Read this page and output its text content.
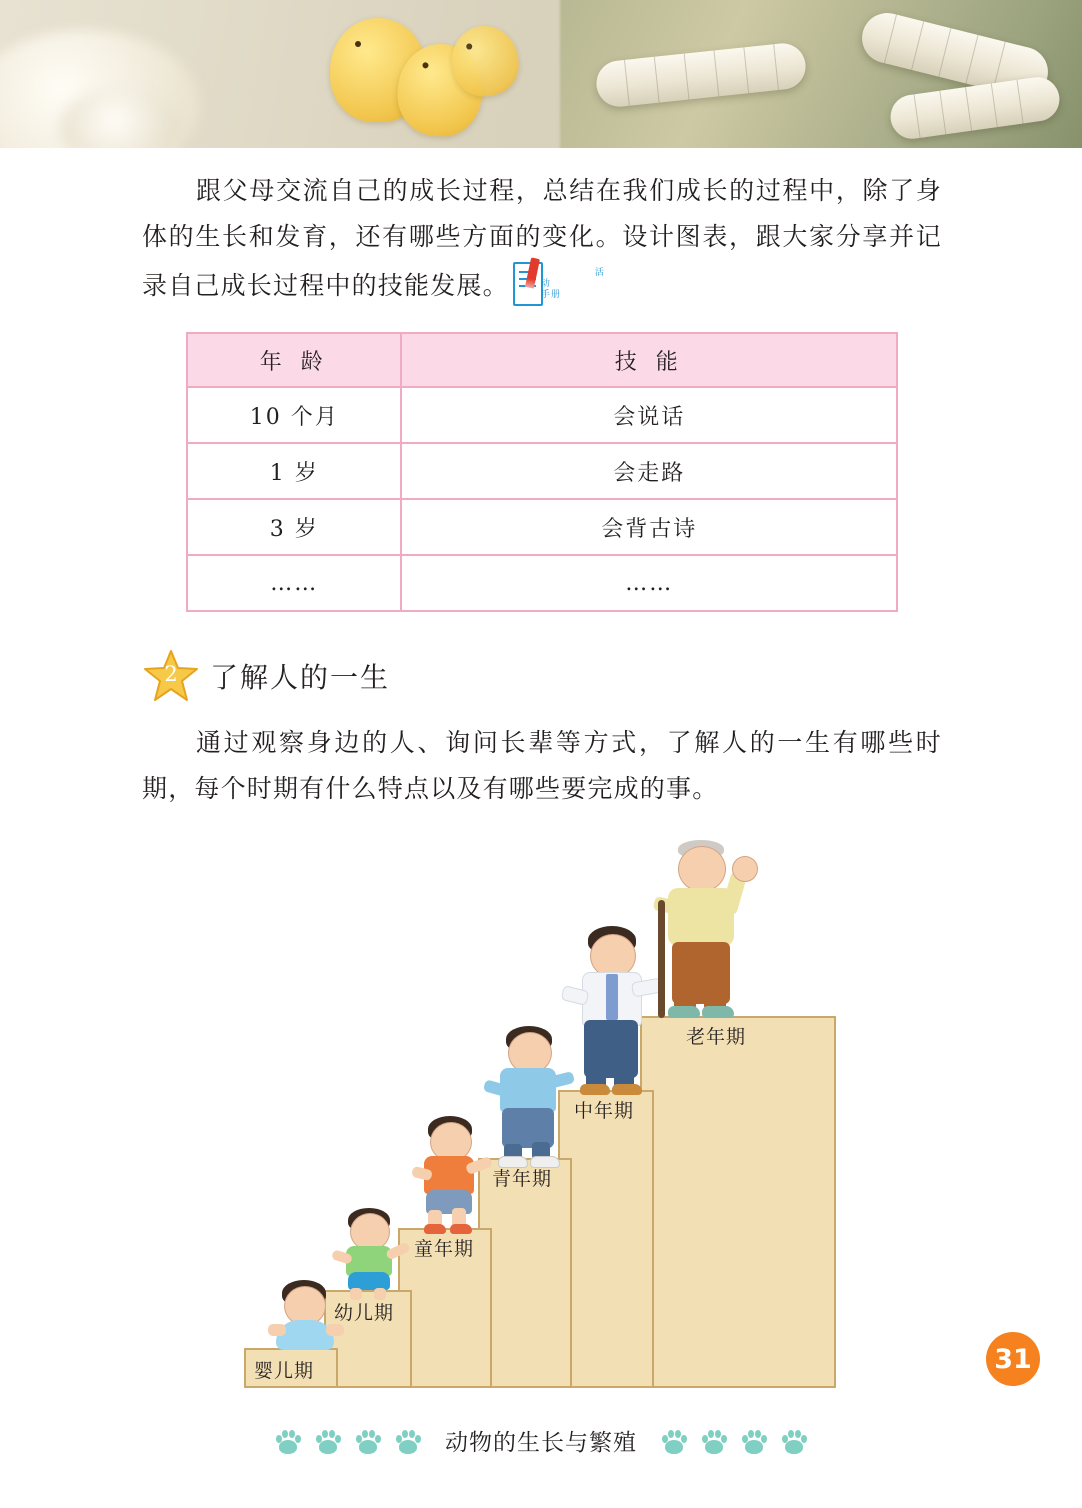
跟父母交流自己的成长过程，总结在我们成长的过程中，除了身体的生长和发育，还有哪些方面的变化。设计图表，跟大家分享并记录自己成长过程中的技能发展。	活动
手册
年 龄	技 能
10 个月	会说话
1 岁	会走路
3 岁	会背古诗
……	……
2	了解人的一生
通过观察身边的人、询问长辈等方式，了解人的一生有哪些时期，每个时期有什么特点以及有哪些要完成的事。
婴儿期
幼儿期
童年期
青年期
中年期
老年期
31
动物的生长与繁殖
